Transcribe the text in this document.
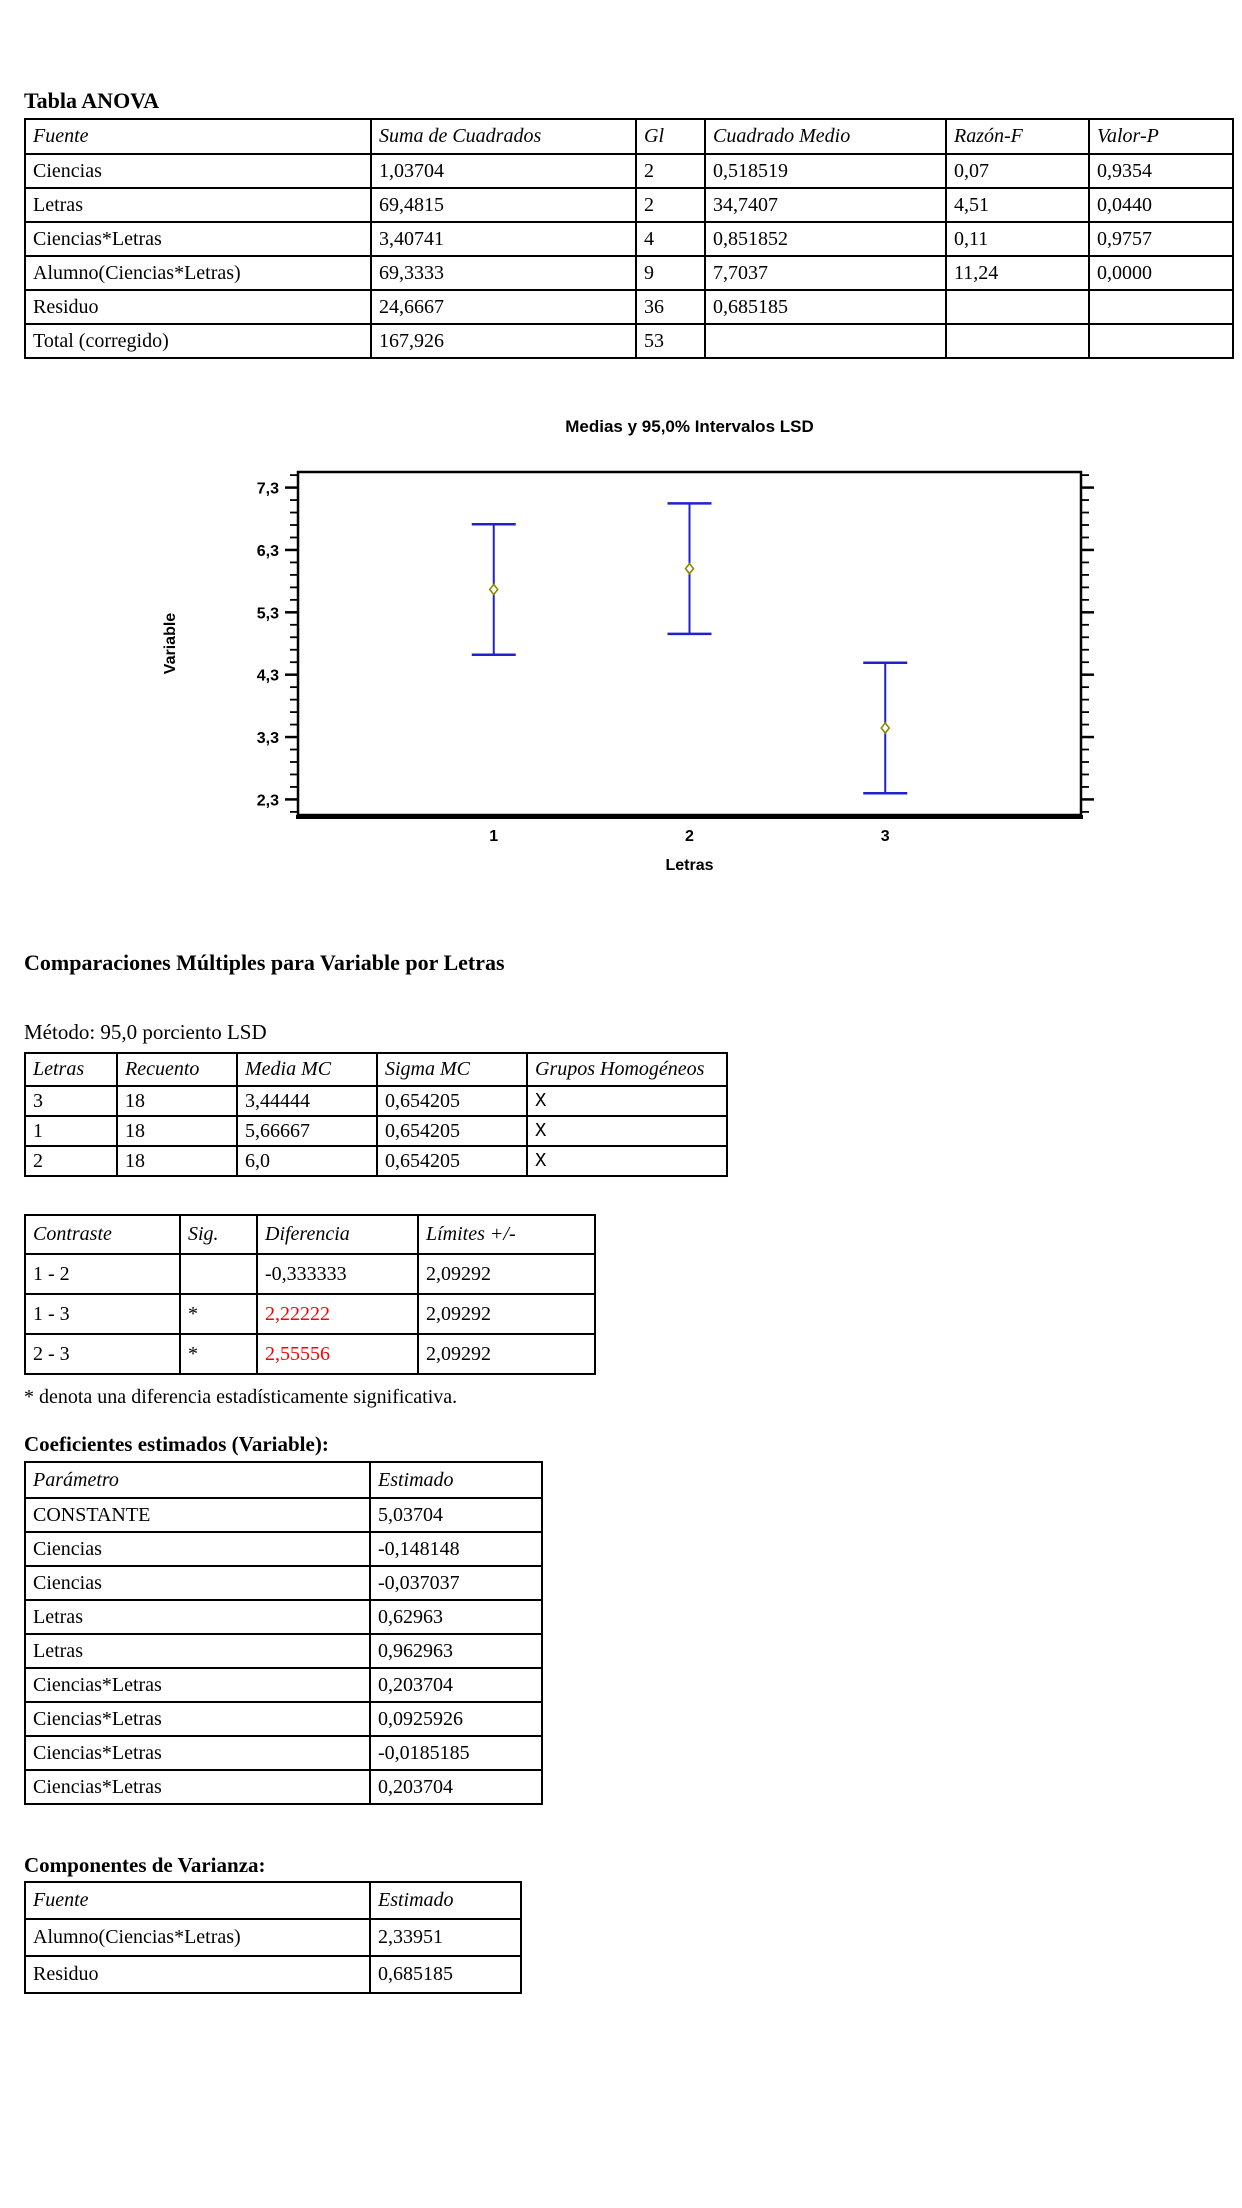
Tabla ANOVA
Fuente	Suma de Cuadrados	Gl	Cuadrado Medio	Razón-F	Valor-P
Ciencias	1,03704	2	0,518519	0,07	0,9354
Letras	69,4815	2	34,7407	4,51	0,0440
Ciencias*Letras	3,40741	4	0,851852	0,11	0,9757
Alumno(Ciencias*Letras)	69,3333	9	7,7037	11,24	0,0000
Residuo	24,6667	36	0,685185		
Total (corregido)	167,926	53			
Medias y 95,0% Intervalos LSD
2,3
3,3
4,3
5,3
6,3
7,3
1	2	3
Letras
Variable
Comparaciones Múltiples para Variable por Letras
Método: 95,0 porciento LSD
Letras	Recuento	Media MC	Sigma MC	Grupos Homogéneos
3	18	3,44444	0,654205	X
1	18	5,66667	0,654205	X
2	18	6,0	0,654205	X
Contraste	Sig.	Diferencia	Límites +/-
1 - 2		-0,333333	2,09292
1 - 3	*	2,22222	2,09292
2 - 3	*	2,55556	2,09292
* denota una diferencia estadísticamente significativa.
Coeficientes estimados (Variable):
Parámetro	Estimado
CONSTANTE	5,03704
Ciencias	-0,148148
Ciencias	-0,037037
Letras	0,62963
Letras	0,962963
Ciencias*Letras	0,203704
Ciencias*Letras	0,0925926
Ciencias*Letras	-0,0185185
Ciencias*Letras	0,203704
Componentes de Varianza:
Fuente	Estimado
Alumno(Ciencias*Letras)	2,33951
Residuo	0,685185
